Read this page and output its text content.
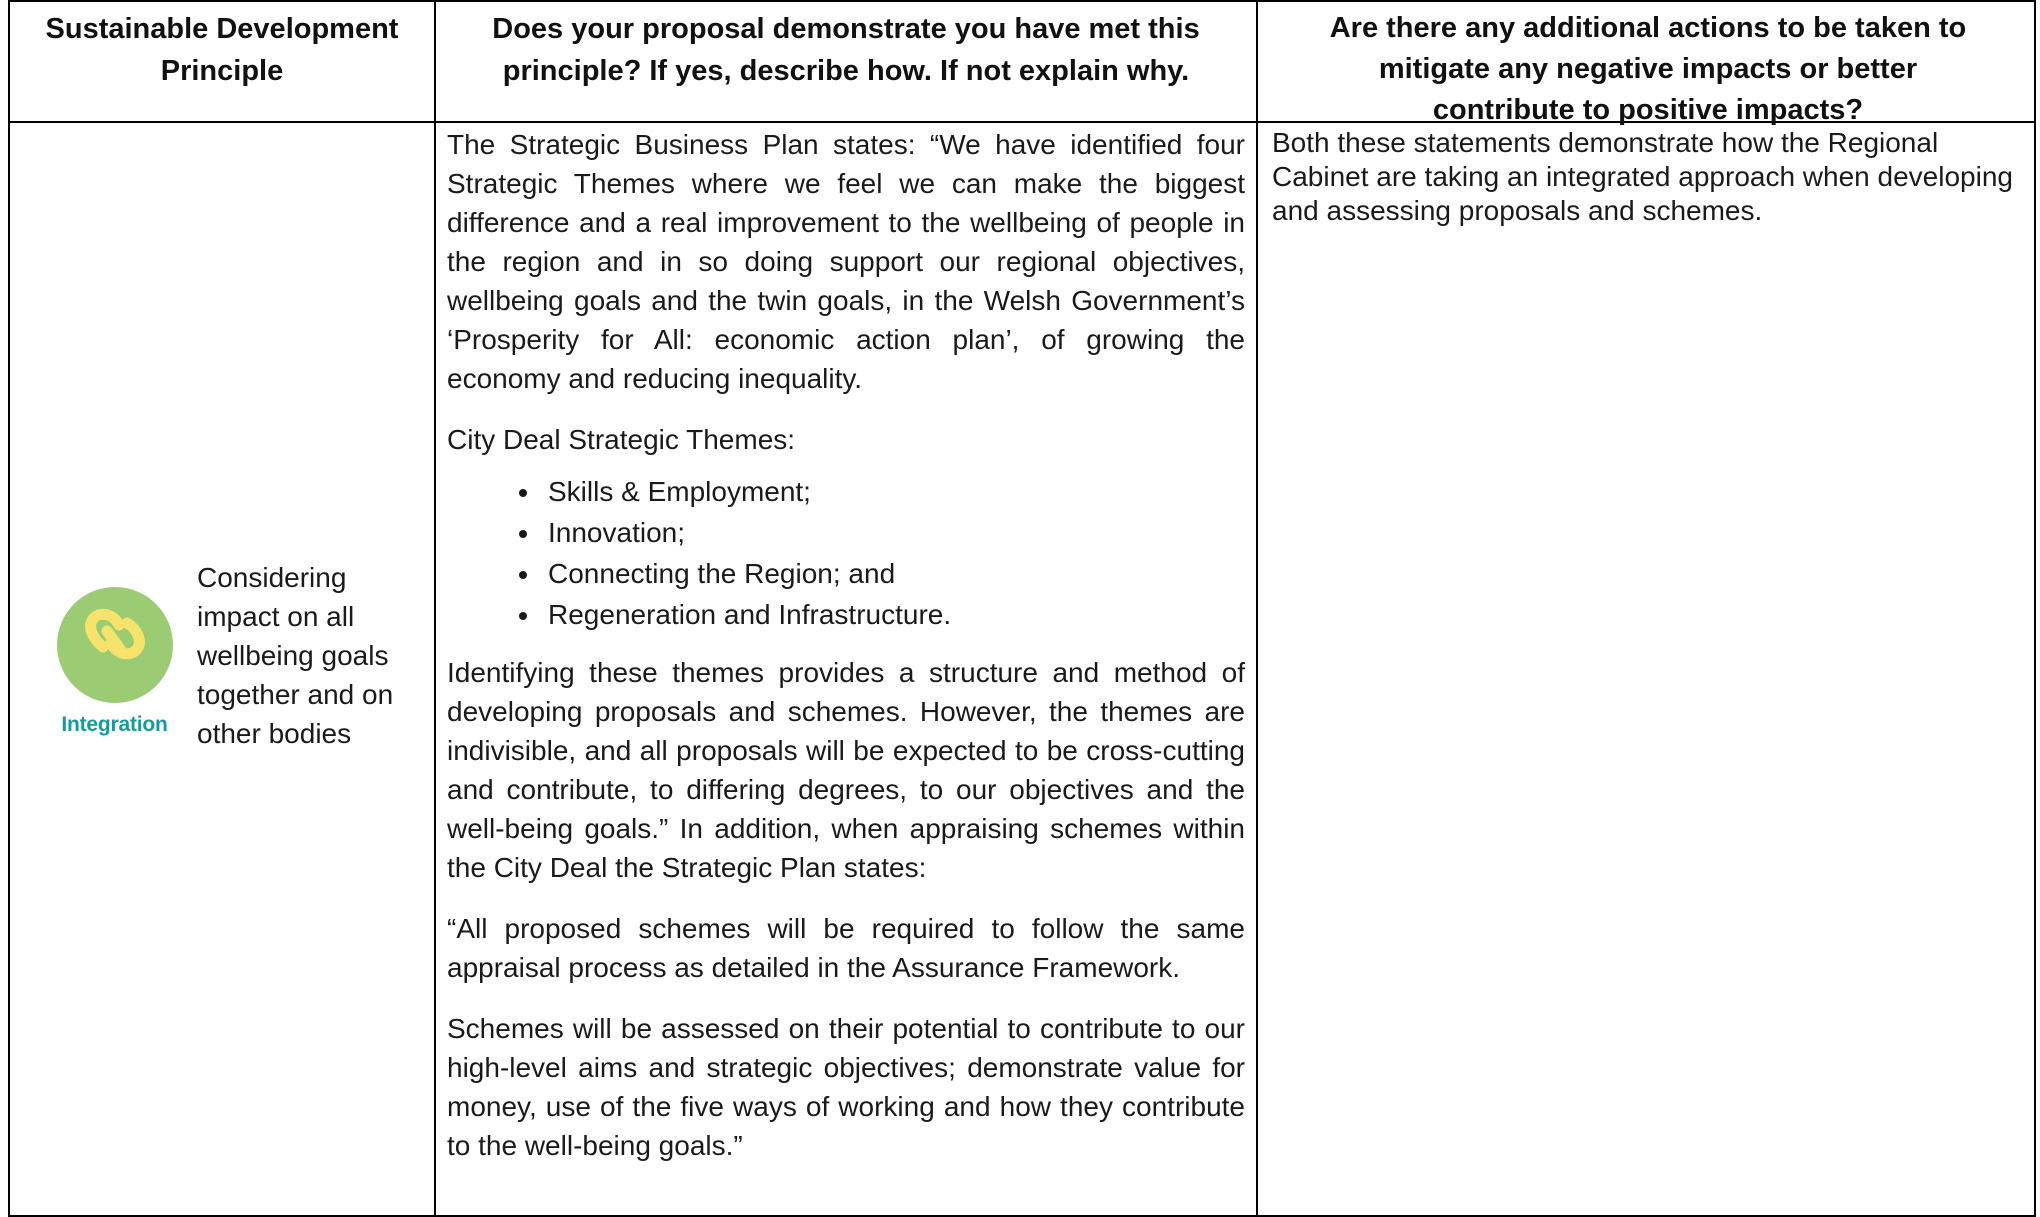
Sustainable Development Principle
Does your proposal demonstrate you have met this
principle? If yes, describe how. If not explain why.
Are there any additional actions to be taken to
mitigate any negative impacts or better
contribute to positive impacts?
Integration
Considering impact on all wellbeing goals together and on other bodies

The Strategic Business Plan states: “We have identified four Strategic Themes where we feel we can make the biggest difference and a real improvement to the wellbeing of people in the region and in so doing support our regional objectives, wellbeing goals and the twin goals, in the Welsh Government’s ‘Prosperity for All: economic action plan’, of growing the economy and reducing inequality.

City Deal Strategic Themes:

• Skills & Employment;
• Innovation;
• Connecting the Region; and
• Regeneration and Infrastructure.

Identifying these themes provides a structure and method of developing proposals and schemes. However, the themes are indivisible, and all proposals will be expected to be cross-cutting and contribute, to differing degrees, to our objectives and the well-being goals.” In addition, when appraising schemes within the City Deal the Strategic Plan states:

“All proposed schemes will be required to follow the same appraisal process as detailed in the Assurance Framework.

Schemes will be assessed on their potential to contribute to our high-level aims and strategic objectives; demonstrate value for money, use of the five ways of working and how they contribute to the well-being goals.”

Both these statements demonstrate how the Regional Cabinet are taking an integrated approach when developing and assessing proposals and schemes.
